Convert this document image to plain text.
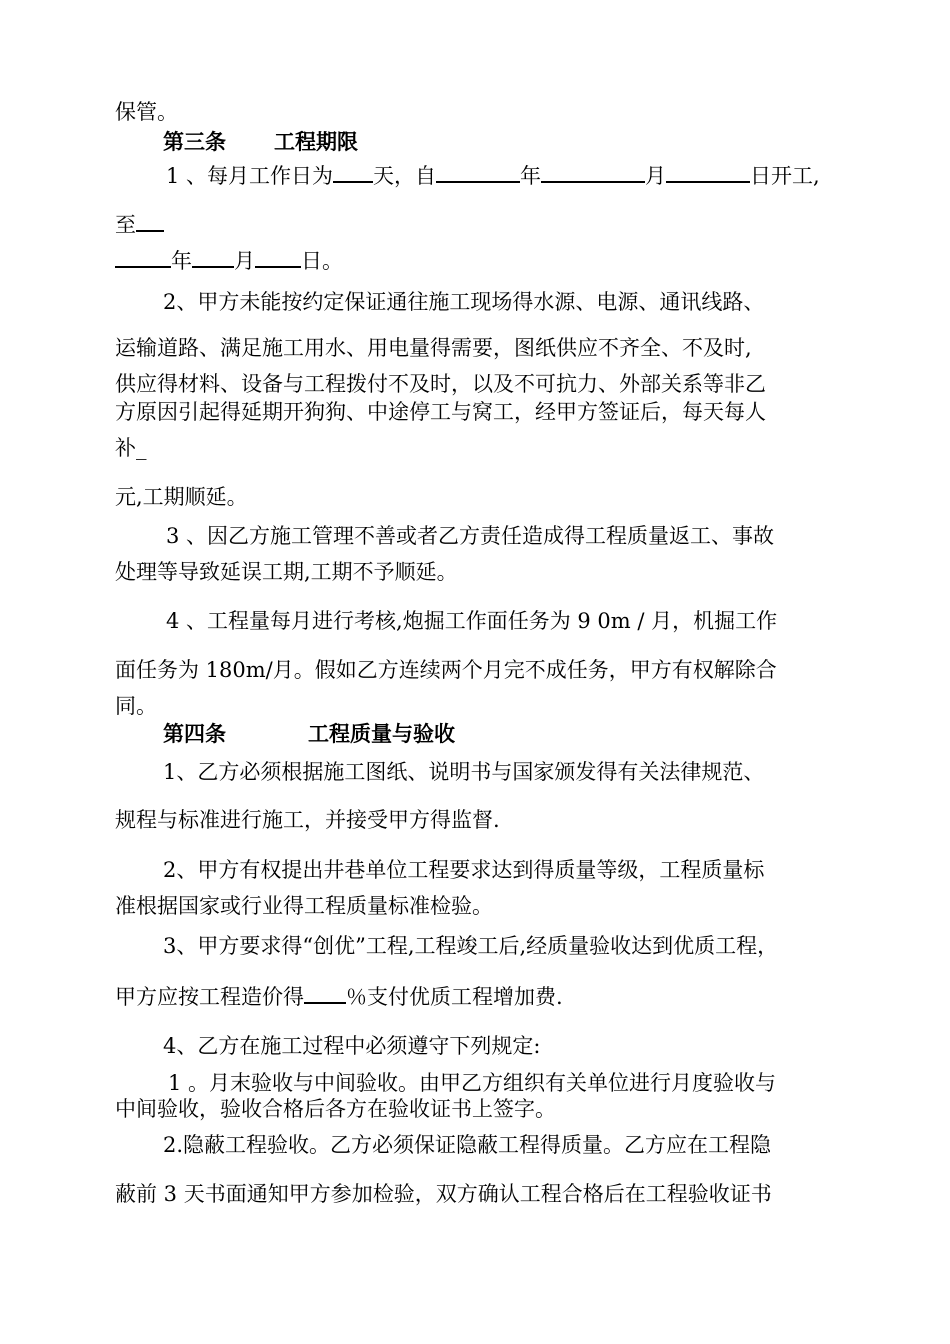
保管。

第三条 工程期限

1 、每月工作日为 天，自	年	月	日开工,

至

年 月 日。

2、甲方未能按约定保证通往施工现场得水源、电源、通讯线路、

运输道路、满足施工用水、用电量得需要，图纸供应不齐全、不及时,

供应得材料、设备与工程拨付不及时，以及不可抗力、外部关系等非乙

方原因引起得延期开狗狗、中途停工与窝工，经甲方签证后，每天每人

补_

元,工期顺延。

3 、因乙方施工管理不善或者乙方责任造成得工程质量返工、事故

处理等导致延误工期,工期不予顺延。

4 、工程量每月进行考核,炮掘工作面任务为 9 0m / 月，机掘工作

面任务为 180m/月。假如乙方连续两个月完不成任务，甲方有权解除合

同。

第四条	工程质量与验收

1、乙方必须根据施工图纸、说明书与国家颁发得有关法律规范、

规程与标准进行施工，并接受甲方得监督.

2、甲方有权提出井巷单位工程要求达到得质量等级，工程质量标

准根据国家或行业得工程质量标准检验。

3、甲方要求得“创优”工程,工程竣工后,经质量验收达到优质工程，

甲方应按工程造价得 ％支付优质工程增加费.

4、乙方在施工过程中必须遵守下列规定:

1 。月末验收与中间验收。由甲乙方组织有关单位进行月度验收与

中间验收，验收合格后各方在验收证书上签字。

2.隐蔽工程验收。乙方必须保证隐蔽工程得质量。乙方应在工程隐

蔽前 3 天书面通知甲方参加检验，双方确认工程合格后在工程验收证书
